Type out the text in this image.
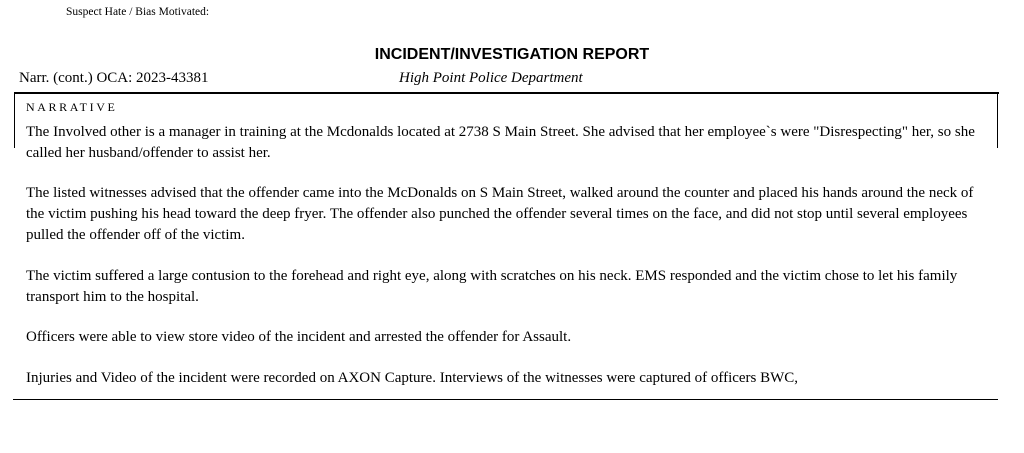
Suspect Hate / Bias Motivated:
INCIDENT/INVESTIGATION REPORT
Narr. (cont.) OCA: 2023-43381	High Point Police Department
NARRATIVE
The Involved other is a manager in training at the Mcdonalds located at 2738 S Main Street. She advised that her employee`s were "Disrespecting" her, so she called her husband/offender to assist her.
The listed witnesses advised that the offender came into the McDonalds on S Main Street, walked around the counter and placed his hands around the neck of the victim pushing his head toward the deep fryer. The offender also punched the offender several times on the face, and did not stop until several employees pulled the offender off of the victim.
The victim suffered a large contusion to the forehead and right eye, along with scratches on his neck. EMS responded and the victim chose to let his family transport him to the hospital.
Officers were able to view store video of the incident and arrested the offender for Assault.
Injuries and Video of the incident were recorded on AXON Capture. Interviews of the witnesses were captured of officers BWC,
